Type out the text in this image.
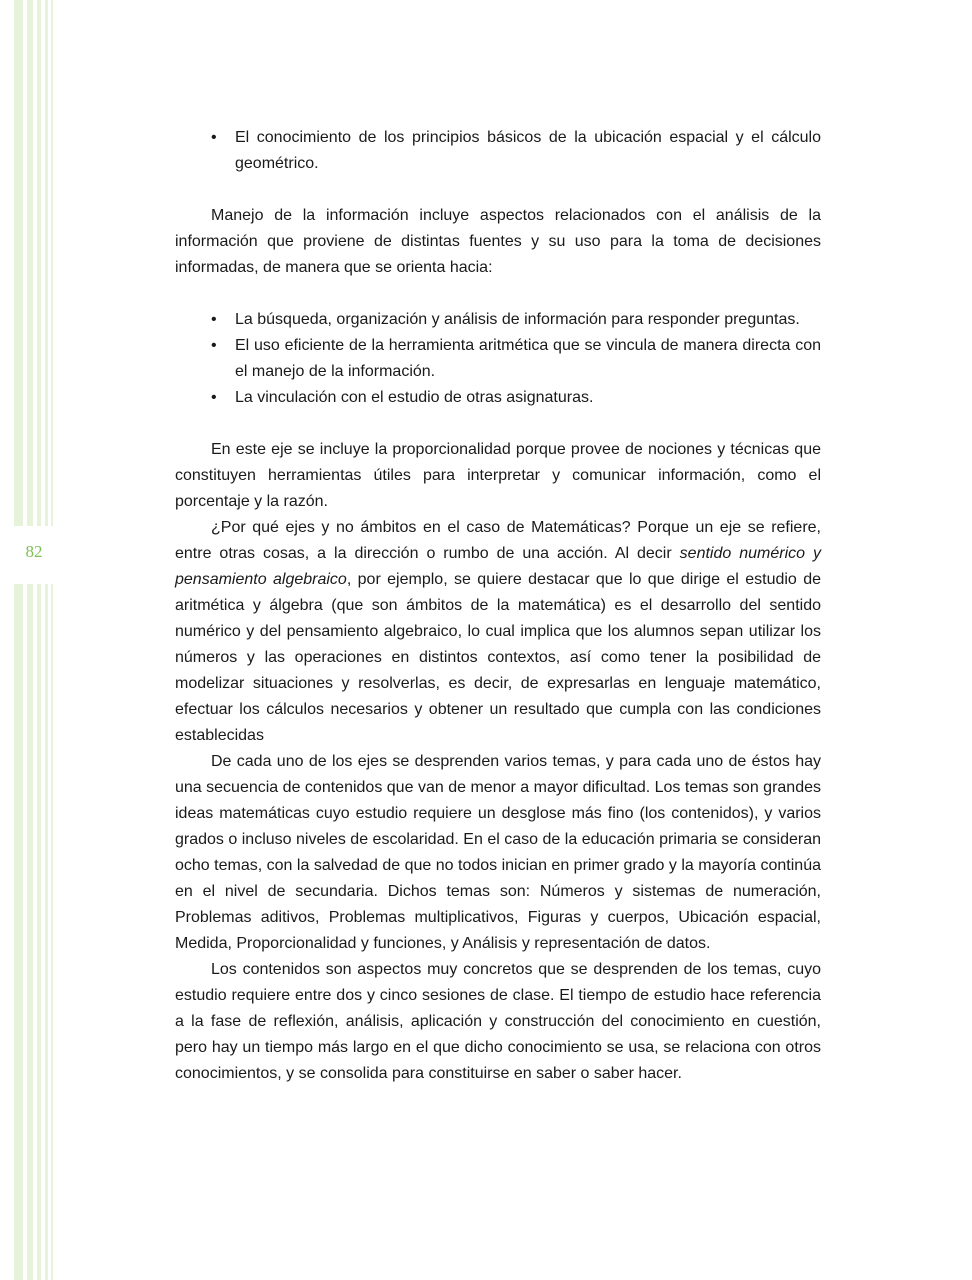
82
• El conocimiento de los principios básicos de la ubicación espacial y el cálculo geométrico.

Manejo de la información incluye aspectos relacionados con el análisis de la información que proviene de distintas fuentes y su uso para la toma de decisiones informadas, de manera que se orienta hacia:

• La búsqueda, organización y análisis de información para responder preguntas.
• El uso eficiente de la herramienta aritmética que se vincula de manera directa con el manejo de la información.
• La vinculación con el estudio de otras asignaturas.

En este eje se incluye la proporcionalidad porque provee de nociones y técnicas que constituyen herramientas útiles para interpretar y comunicar información, como el porcentaje y la razón.

¿Por qué ejes y no ámbitos en el caso de Matemáticas? Porque un eje se refiere, entre otras cosas, a la dirección o rumbo de una acción. Al decir sentido numérico y pensamiento algebraico, por ejemplo, se quiere destacar que lo que dirige el estudio de aritmética y álgebra (que son ámbitos de la matemática) es el desarrollo del sentido numérico y del pensamiento algebraico, lo cual implica que los alumnos sepan utilizar los números y las operaciones en distintos contextos, así como tener la posibilidad de modelizar situaciones y resolverlas, es decir, de expresarlas en lenguaje matemático, efectuar los cálculos necesarios y obtener un resultado que cumpla con las condiciones establecidas

De cada uno de los ejes se desprenden varios temas, y para cada uno de éstos hay una secuencia de contenidos que van de menor a mayor dificultad. Los temas son grandes ideas matemáticas cuyo estudio requiere un desglose más fino (los contenidos), y varios grados o incluso niveles de escolaridad. En el caso de la educación primaria se consideran ocho temas, con la salvedad de que no todos inician en primer grado y la mayoría continúa en el nivel de secundaria. Dichos temas son: Números y sistemas de numeración, Problemas aditivos, Problemas multiplicativos, Figuras y cuerpos, Ubicación espacial, Medida, Proporcionalidad y funciones, y Análisis y representación de datos.

Los contenidos son aspectos muy concretos que se desprenden de los temas, cuyo estudio requiere entre dos y cinco sesiones de clase. El tiempo de estudio hace referencia a la fase de reflexión, análisis, aplicación y construcción del conocimiento en cuestión, pero hay un tiempo más largo en el que dicho conocimiento se usa, se relaciona con otros conocimientos, y se consolida para constituirse en saber o saber hacer.
